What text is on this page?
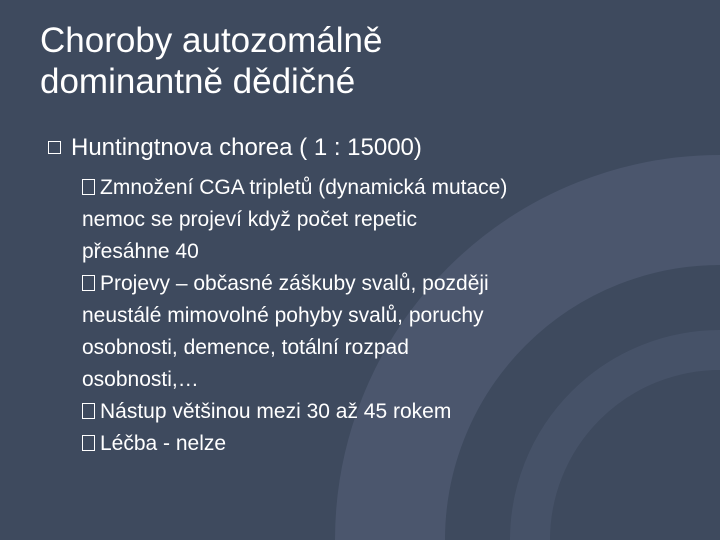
Choroby autozomálně
dominantně dědičné
Huntingtnova chorea ( 1 : 15000)
Zmnožení CGA tripletů (dynamická mutace)
nemoc se projeví když počet repetic
přesáhne 40
Projevy – občasné záškuby svalů, později
neustálé mimovolné pohyby svalů, poruchy
osobnosti, demence, totální rozpad
osobnosti,…
Nástup většinou mezi 30 až 45 rokem
Léčba - nelze
